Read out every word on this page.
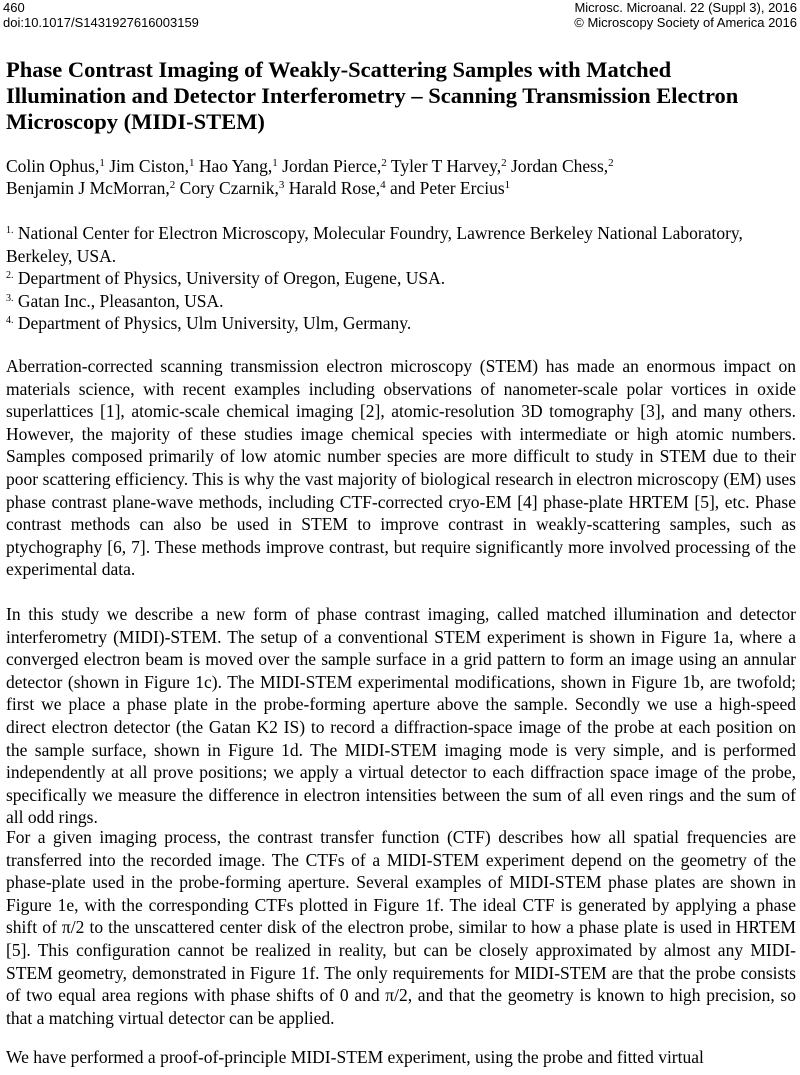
460
doi:10.1017/S1431927616003159
Microsc. Microanal. 22 (Suppl 3), 2016
© Microscopy Society of America 2016
Phase Contrast Imaging of Weakly-Scattering Samples with Matched Illumination and Detector Interferometry – Scanning Transmission Electron Microscopy (MIDI-STEM)
Colin Ophus,$^1$ Jim Ciston,$^1$ Hao Yang,$^1$ Jordan Pierce,$^2$ Tyler T Harvey,$^2$ Jordan Chess,$^2$
Benjamin J McMorran,$^2$ Cory Czarnik,$^3$ Harald Rose,$^4$ and Peter Ercius$^1$
$^{1.}$ National Center for Electron Microscopy, Molecular Foundry, Lawrence Berkeley National Laboratory, Berkeley, USA.
$^{2.}$ Department of Physics, University of Oregon, Eugene, USA.
$^{3.}$ Gatan Inc., Pleasanton, USA.
$^{4.}$ Department of Physics, Ulm University, Ulm, Germany.

Aberration-corrected scanning transmission electron microscopy (STEM) has made an enormous impact on materials science, with recent examples including observations of nanometer-scale polar vortices in oxide superlattices [1], atomic-scale chemical imaging [2], atomic-resolution 3D tomography [3], and many others. However, the majority of these studies image chemical species with intermediate or high atomic numbers. Samples composed primarily of low atomic number species are more difficult to study in STEM due to their poor scattering efficiency. This is why the vast majority of biological research in electron microscopy (EM) uses phase contrast plane-wave methods, including CTF-corrected cryo-EM [4] phase-plate HRTEM [5], etc. Phase contrast methods can also be used in STEM to improve contrast in weakly-scattering samples, such as ptychography [6, 7]. These methods improve contrast, but require significantly more involved processing of the experimental data.

In this study we describe a new form of phase contrast imaging, called matched illumination and detector interferometry (MIDI)-STEM. The setup of a conventional STEM experiment is shown in Figure 1a, where a converged electron beam is moved over the sample surface in a grid pattern to form an image using an annular detector (shown in Figure 1c). The MIDI-STEM experimental modifications, shown in Figure 1b, are twofold; first we place a phase plate in the probe-forming aperture above the sample. Secondly we use a high-speed direct electron detector (the Gatan K2 IS) to record a diffraction-space image of the probe at each position on the sample surface, shown in Figure 1d. The MIDI-STEM imaging mode is very simple, and is performed independently at all prove positions; we apply a virtual detector to each diffraction space image of the probe, specifically we measure the difference in electron intensities between the sum of all even rings and the sum of all odd rings.

For a given imaging process, the contrast transfer function (CTF) describes how all spatial frequencies are transferred into the recorded image. The CTFs of a MIDI-STEM experiment depend on the geometry of the phase-plate used in the probe-forming aperture. Several examples of MIDI-STEM phase plates are shown in Figure 1e, with the corresponding CTFs plotted in Figure 1f. The ideal CTF is generated by applying a phase shift of π/2 to the unscattered center disk of the electron probe, similar to how a phase plate is used in HRTEM [5]. This configuration cannot be realized in reality, but can be closely approximated by almost any MIDI-STEM geometry, demonstrated in Figure 1f. The only requirements for MIDI-STEM are that the probe consists of two equal area regions with phase shifts of 0 and π/2, and that the geometry is known to high precision, so that a matching virtual detector can be applied.

We have performed a proof-of-principle MIDI-STEM experiment, using the probe and fitted virtual
